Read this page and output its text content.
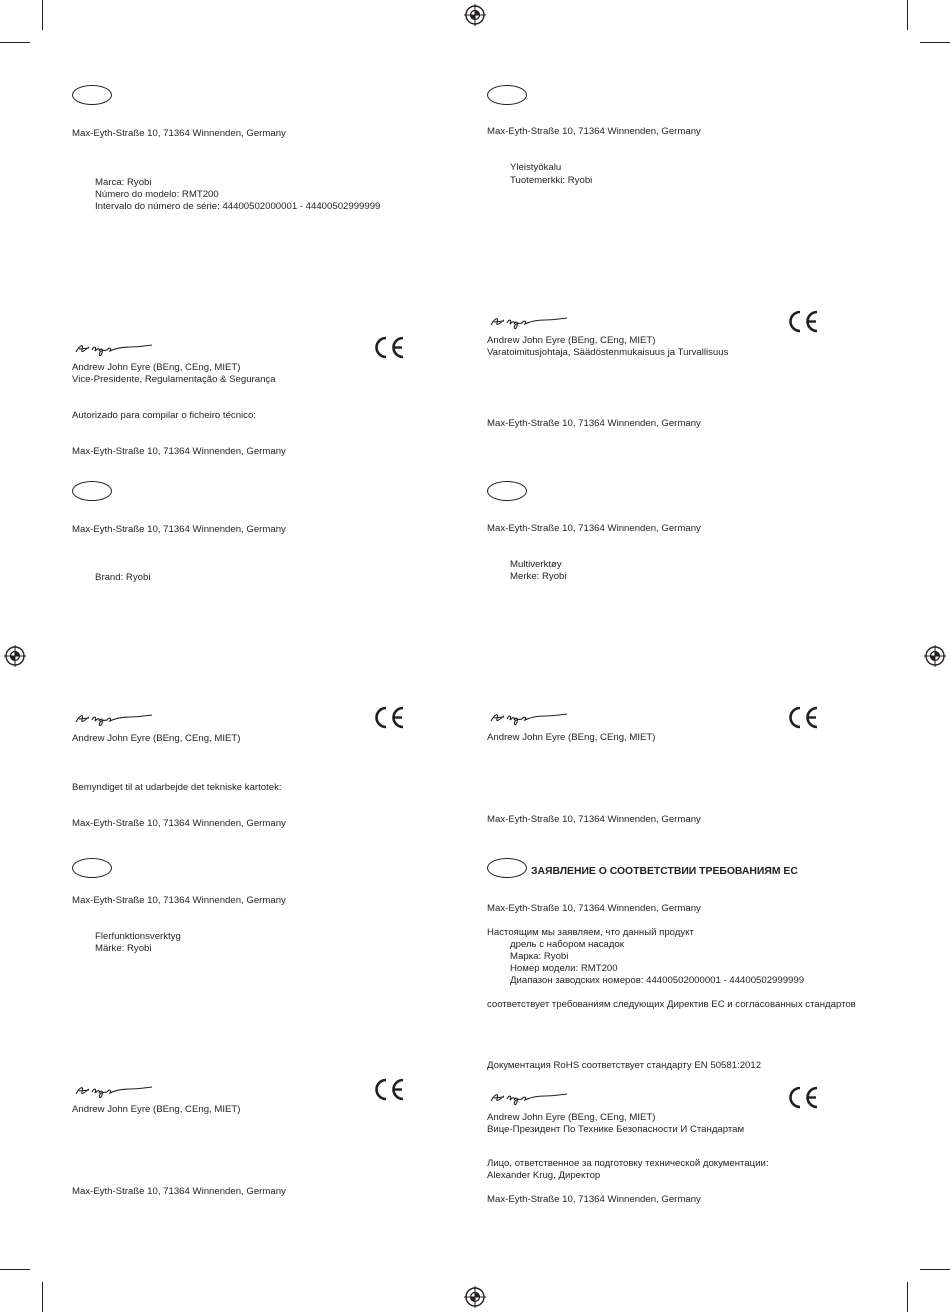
Max-Eyth-Straße 10, 71364 Winnenden, Germany
Marca: Ryobi
Número do modelo: RMT200
Intervalo do número de série: 44400502000001 - 44400502999999
Andrew John Eyre (BEng, CEng, MIET)
Vice-Presidente, Regulamentação & Segurança
Autorizado para compilar o ficheiro técnico:
Max-Eyth-Straße 10, 71364 Winnenden, Germany
Max-Eyth-Straße 10, 71364 Winnenden, Germany
Brand: Ryobi
Andrew John Eyre (BEng, CEng, MIET)
Bemyndiget til at udarbejde det tekniske kartotek:
Max-Eyth-Straße 10, 71364 Winnenden, Germany
Max-Eyth-Straße 10, 71364 Winnenden, Germany
Flerfunktionsverktyg
Märke: Ryobi
Andrew John Eyre (BEng, CEng, MIET)
Max-Eyth-Straße 10, 71364 Winnenden, Germany
Max-Eyth-Straße 10, 71364 Winnenden, Germany
Yleistyökalu
Tuotemerkki: Ryobi
Andrew John Eyre (BEng, CEng, MIET)
Varatoimitusjohtaja, Säädöstenmukaisuus ja Turvallisuus
Max-Eyth-Straße 10, 71364 Winnenden, Germany
Max-Eyth-Straße 10, 71364 Winnenden, Germany
Multiverktøy
Merke: Ryobi
Andrew John Eyre (BEng, CEng, MIET)
Max-Eyth-Straße 10, 71364 Winnenden, Germany
ЗАЯВЛЕНИЕ О СООТВЕТСТВИИ ТРЕБОВАНИЯМ ЕС
Max-Eyth-Straße 10, 71364 Winnenden, Germany
Настоящим мы заявляем, что данный продукт
дрель с набором насадок
Марка: Ryobi
Номер модели: RMT200
Диапазон заводских номеров: 44400502000001 - 44400502999999
соответствует требованиям следующих Директив ЕС и согласованных стандартов
Документация RoHS соответствует стандарту EN 50581:2012
Andrew John Eyre (BEng, CEng, MIET)
Вице-Президент По Технике Безопасности И Стандартам
Лицо, ответственное за подготовку технической документации:
Alexander Krug, Директор
Max-Eyth-Straße 10, 71364 Winnenden, Germany
